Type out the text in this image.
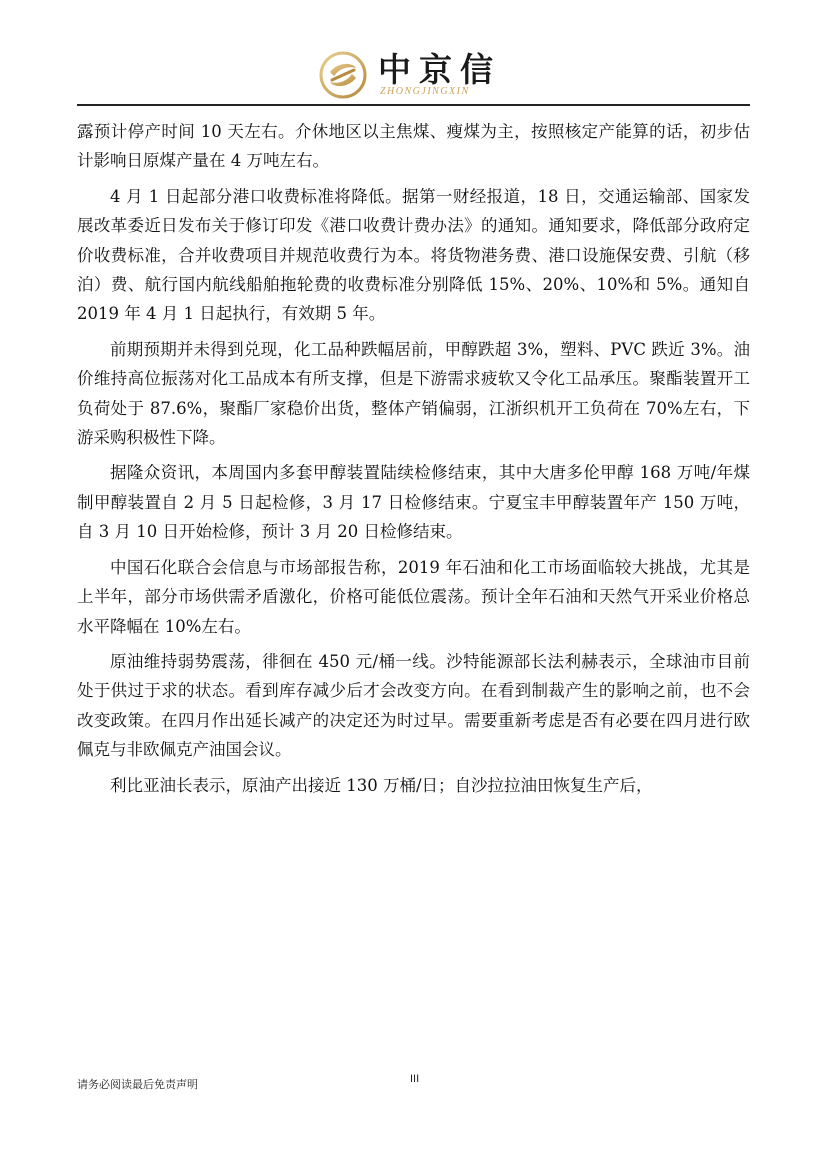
中京信
ZHONGJINGXIN

露预计停产时间 10 天左右。介休地区以主焦煤、瘦煤为主，按照核定产能算的话，初步估计影响日原煤产量在 4 万吨左右。

4 月 1 日起部分港口收费标准将降低。据第一财经报道，18 日，交通运输部、国家发展改革委近日发布关于修订印发《港口收费计费办法》的通知。通知要求，降低部分政府定价收费标准，合并收费项目并规范收费行为本。将货物港务费、港口设施保安费、引航（移泊）费、航行国内航线船舶拖轮费的收费标准分别降低 15%、20%、10%和 5%。通知自 2019 年 4 月 1 日起执行，有效期 5 年。

前期预期并未得到兑现，化工品种跌幅居前，甲醇跌超 3%，塑料、PVC 跌近 3%。油价维持高位振荡对化工品成本有所支撑，但是下游需求疲软又令化工品承压。聚酯装置开工负荷处于 87.6%，聚酯厂家稳价出货，整体产销偏弱，江浙织机开工负荷在 70%左右，下游采购积极性下降。

据隆众资讯，本周国内多套甲醇装置陆续检修结束，其中大唐多伦甲醇 168 万吨/年煤制甲醇装置自 2 月 5 日起检修，3 月 17 日检修结束。宁夏宝丰甲醇装置年产 150 万吨，自 3 月 10 日开始检修，预计 3 月 20 日检修结束。

中国石化联合会信息与市场部报告称，2019 年石油和化工市场面临较大挑战，尤其是上半年，部分市场供需矛盾激化，价格可能低位震荡。预计全年石油和天然气开采业价格总水平降幅在 10%左右。

原油维持弱势震荡，徘徊在 450 元/桶一线。沙特能源部长法利赫表示，全球油市目前处于供过于求的状态。看到库存减少后才会改变方向。在看到制裁产生的影响之前，也不会改变政策。在四月作出延长减产的决定还为时过早。需要重新考虑是否有必要在四月进行欧佩克与非欧佩克产油国会议。

利比亚油长表示，原油产出接近 130 万桶/日；自沙拉拉油田恢复生产后，

请务必阅读最后免责声明	III
